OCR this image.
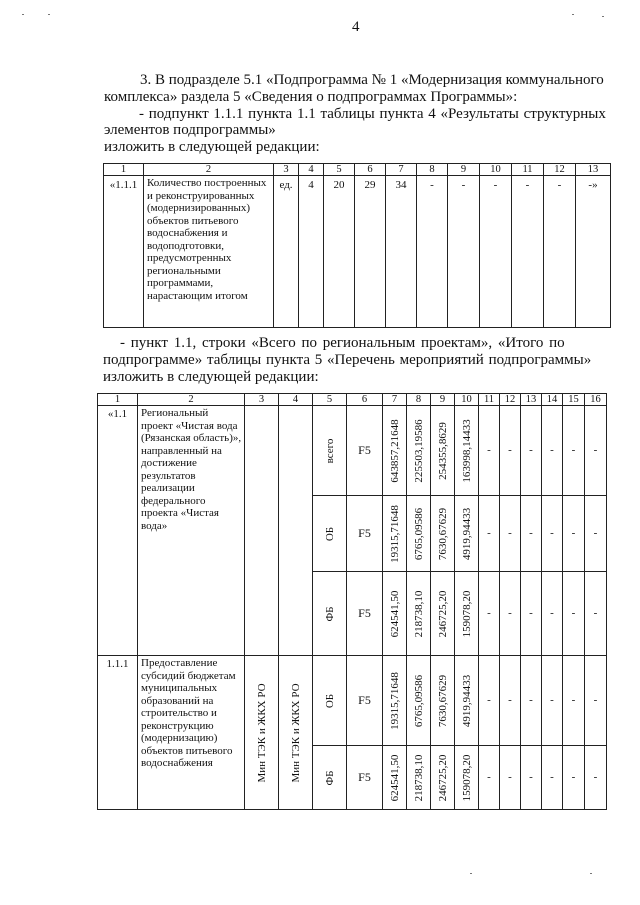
4
3. В подразделе 5.1 «Подпрограмма № 1 «Модернизация коммунального
комплекса» раздела 5 «Сведения о подпрограммах Программы»:
- подпункт 1.1.1 пункта 1.1 таблицы пункта 4 «Результаты структурных
элементов подпрограммы»
изложить в следующей редакции:
1	2	3	4	5	6	7	8	9	10	11	12	13
«1.1.1	Количество построенных и реконструированных (модернизированных) объектов питьевого водоснабжения и водоподготовки, предусмотренных региональными программами, нарастающим итогом	ед.	4	20	29	34	-	-	-	-	-	-»
- пункт 1.1, строки «Всего по региональным проектам», «Итого по
подпрограмме» таблицы пункта 5 «Перечень мероприятий подпрограммы»
изложить в следующей редакции:
1	2	3	4	5	6	7	8	9	10	11	12	13	14	15	16
«1.1	Региональный проект «Чистая вода (Рязанская область)», направленный на достижение результатов реализации федерального проекта «Чистая вода»			всего	F5	643857,21648	225503,19586	254355,8629	163998,14433	-	-	-	-	-	-

				ОБ	F5	19315,71648	6765,09586	7630,67629	4919,94433	-	-	-	-	-	-

				ФБ	F5	624541,50	218738,10	246725,20	159078,20	-	-	-	-	-	-
1.1.1	Предоставление субсидий бюджетам муниципальных образований на строительство и реконструкцию (модернизацию) объектов питьевого водоснабжения	Мин ТЭК и ЖКХ РО	Мин ТЭК и ЖКХ РО	ОБ	F5	19315,71648	6765,09586	7630,67629	4919,94433	-	-	-	-	-	-

				ФБ	F5	624541,50	218738,10	246725,20	159078,20	-	-	-	-	-	-
